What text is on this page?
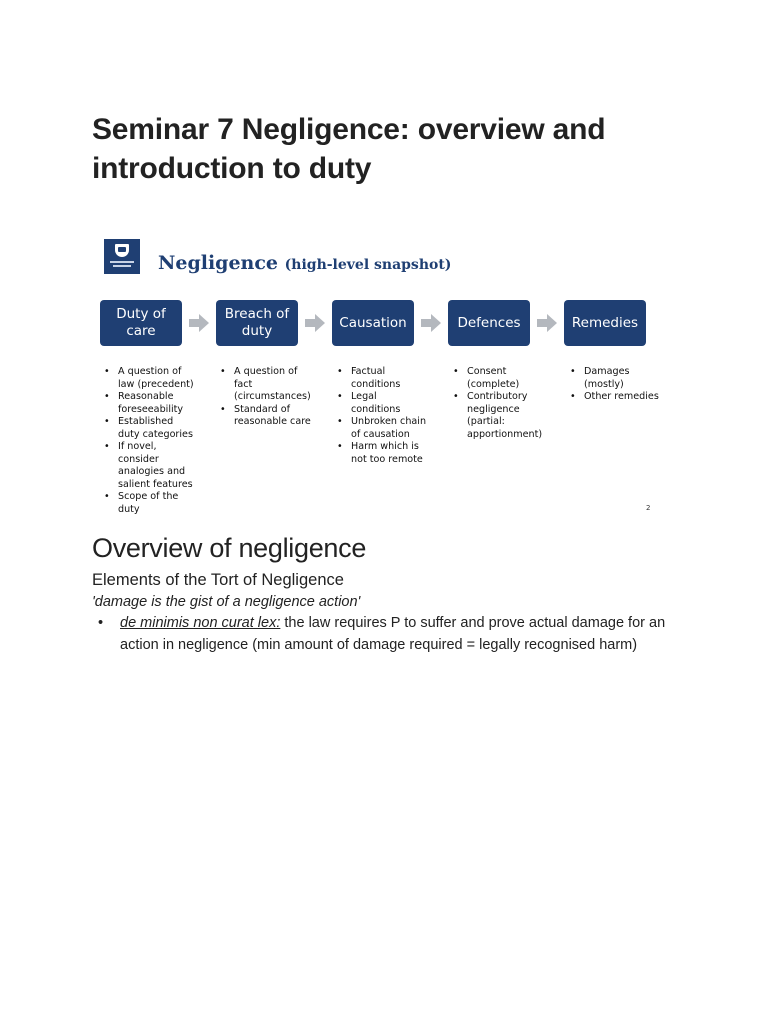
Seminar 7 Negligence: overview and introduction to duty
Negligence (high-level snapshot)
Duty of care
Breach of duty
Causation	Defences	Remedies
• A question of law (precedent)
• Reasonable foreseeability
• Established duty categories
• If novel, consider analogies and salient features
• Scope of the duty
• A question of fact (circumstances)
• Standard of reasonable care
• Factual conditions
• Legal conditions
• Unbroken chain of causation
• Harm which is not too remote
• Consent (complete)
• Contributory negligence (partial: apportionment)
• Damages (mostly)
• Other remedies
2
Overview of negligence
Elements of the Tort of Negligence

'damage is the gist of a negligence action'

• de minimis non curat lex: the law requires P to suffer and prove actual damage for an action in negligence (min amount of damage required = legally recognised harm)
